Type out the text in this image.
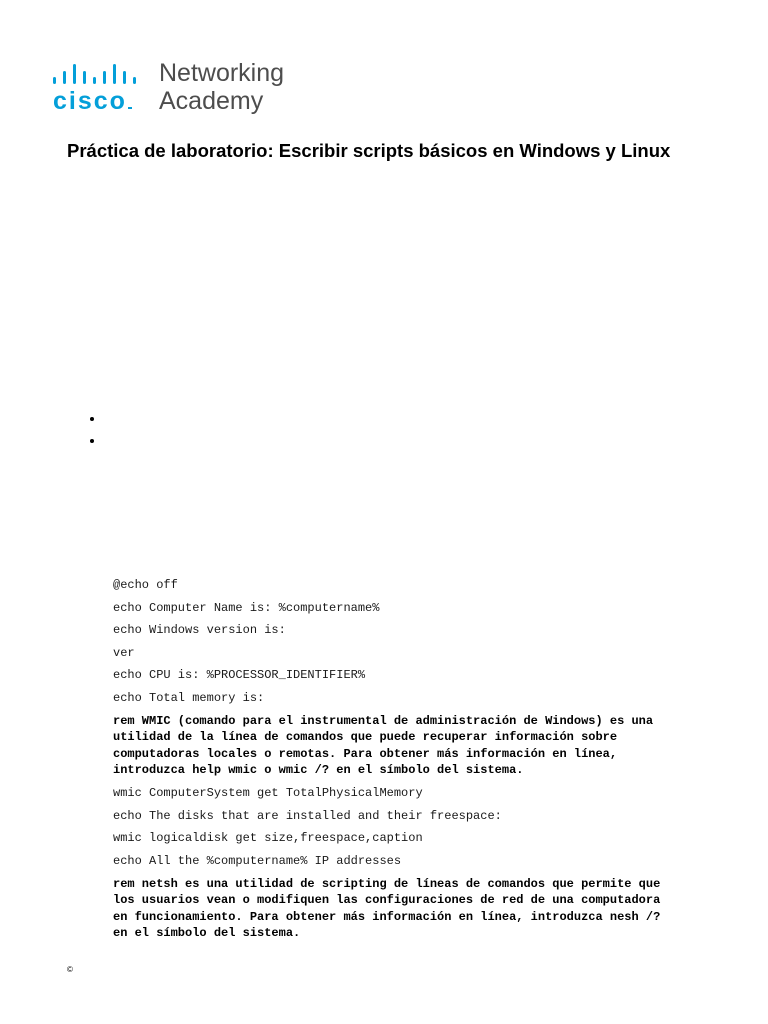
cisco
Networking
Academy
Práctica de laboratorio: Escribir scripts básicos en Windows y Linux
@echo off
echo Computer Name is: %computername%
echo Windows version is:
ver
echo CPU is: %PROCESSOR_IDENTIFIER%
echo Total memory is:
rem WMIC (comando para el instrumental de administración de Windows) es una
utilidad de la línea de comandos que puede recuperar información sobre
computadoras locales o remotas. Para obtener más información en línea,
introduzca help wmic o wmic /? en el símbolo del sistema.
wmic ComputerSystem get TotalPhysicalMemory
echo The disks that are installed and their freespace:
wmic logicaldisk get size,freespace,caption
echo All the %computername% IP addresses
rem netsh es una utilidad de scripting de líneas de comandos que permite que
los usuarios vean o modifiquen las configuraciones de red de una computadora
en funcionamiento. Para obtener más información en línea, introduzca nesh /?
en el símbolo del sistema.
©
